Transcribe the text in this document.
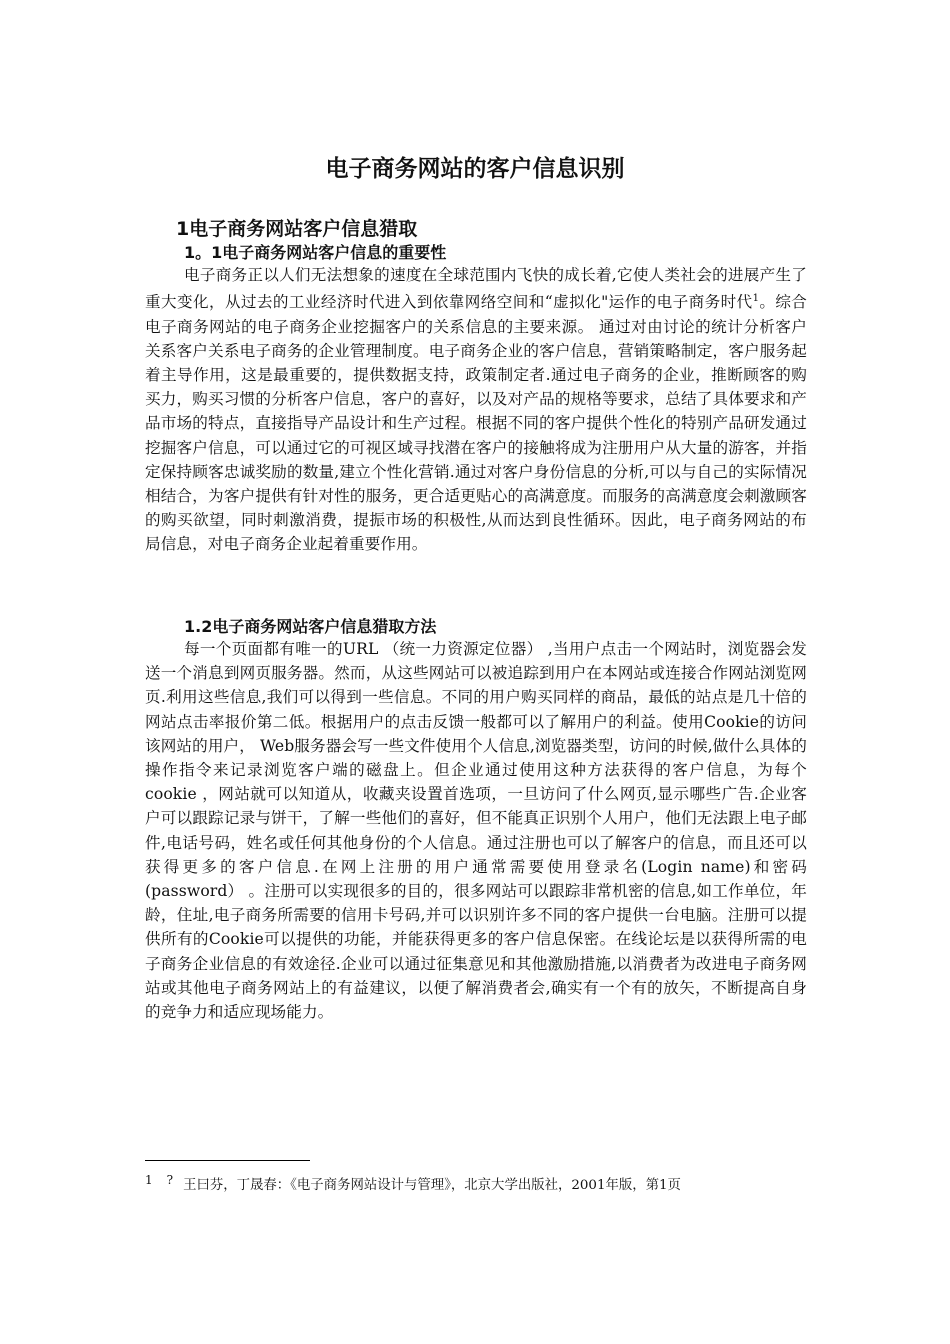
电子商务网站的客户信息识别
1电子商务网站客户信息猎取
1。1电子商务网站客户信息的重要性

电子商务正以人们无法想象的速度在全球范围内飞快的成长着,它使人类社会的进展产生了重大变化，从过去的工业经济时代进入到依靠网络空间和“虚拟化"运作的电子商务时代$^1$。综合电子商务网站的电子商务企业挖掘客户的关系信息的主要来源。 通过对由讨论的统计分析客户关系客户关系电子商务的企业管理制度。电子商务企业的客户信息，营销策略制定，客户服务起着主导作用，这是最重要的，提供数据支持，政策制定者.通过电子商务的企业，推断顾客的购买力，购买习惯的分析客户信息，客户的喜好，以及对产品的规格等要求，总结了具体要求和产品市场的特点，直接指导产品设计和生产过程。根据不同的客户提供个性化的特别产品研发通过挖掘客户信息，可以通过它的可视区域寻找潜在客户的接触将成为注册用户从大量的游客，并指定保持顾客忠诚奖励的数量,建立个性化营销.通过对客户身份信息的分析,可以与自己的实际情况相结合，为客户提供有针对性的服务，更合适更贴心的高满意度。而服务的高满意度会刺激顾客的购买欲望，同时刺激消费，提振市场的积极性,从而达到良性循环。因此，电子商务网站的布局信息，对电子商务企业起着重要作用。

1.2电子商务网站客户信息猎取方法

每一个页面都有唯一的URL （统一力资源定位器） ,当用户点击一个网站时，浏览器会发送一个消息到网页服务器。然而，从这些网站可以被追踪到用户在本网站或连接合作网站浏览网页.利用这些信息,我们可以得到一些信息。不同的用户购买同样的商品，最低的站点是几十倍的网站点击率报价第二低。根据用户的点击反馈一般都可以了解用户的利益。使用Cookie的访问该网站的用户， Web服务器会写一些文件使用个人信息,浏览器类型，访问的时候,做什么具体的操作指令来记录浏览客户端的磁盘上。但企业通过使用这种方法获得的客户信息，为每个cookie ，网站就可以知道从，收藏夹设置首选项，一旦访问了什么网页,显示哪些广告.企业客户可以跟踪记录与饼干，了解一些他们的喜好，但不能真正识别个人用户，他们无法跟上电子邮件,电话号码，姓名或任何其他身份的个人信息。通过注册也可以了解客户的信息，而且还可以获得更多的客户信息.在网上注册的用户通常需要使用登录名(Login name)和密码(password） 。注册可以实现很多的目的，很多网站可以跟踪非常机密的信息,如工作单位，年龄，住址,电子商务所需要的信用卡号码,并可以识别许多不同的客户提供一台电脑。注册可以提供所有的Cookie可以提供的功能，并能获得更多的客户信息保密。在线论坛是以获得所需的电子商务企业信息的有效途径.企业可以通过征集意见和其他激励措施,以消费者为改进电子商务网站或其他电子商务网站上的有益建议，以便了解消费者会,确实有一个有的放矢，不断提高自身的竞争力和适应现场能力。

1 ? 王曰芬，丁晟春：《电子商务网站设计与管理》，北京大学出版社，2001年版，第1页
